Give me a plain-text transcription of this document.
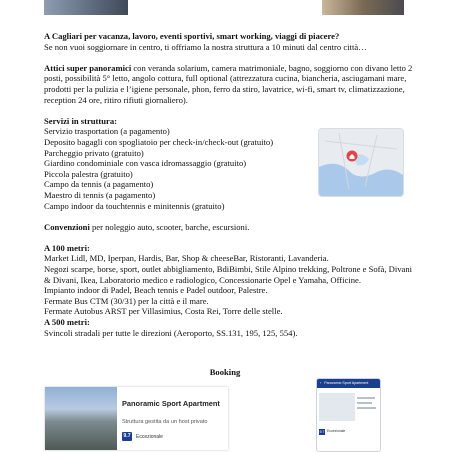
A Cagliari per vacanza, lavoro, eventi sportivi, smart working, viaggi di piacere?

Se non vuoi soggiornare in centro, ti offriamo la nostra struttura a 10 minuti dal centro città…

Attici super panoramici con veranda solarium, camera matrimoniale, bagno, soggiorno con divano letto 2 posti, possibilità 5° letto, angolo cottura, full optional (attrezzatura cucina, biancheria, asciugamani mare, prodotti per la pulizia e l’igiene personale, phon, ferro da stiro, lavatrice, wi-fi, smart tv, climatizzazione, reception 24 ore, ritiro rifiuti giornaliero).

Servizi in struttura:

Servizio trasportation (a pagamento)

Deposito bagagli con spogliatoio per check-in/check-out (gratuito)

Parcheggio privato (gratuito)

Giardino condominiale con vasca idromassaggio (gratuito)

Piccola palestra (gratuito)

Campo da tennis (a pagamento)

Maestro di tennis (a pagamento)

Campo indoor da touchtennis e minitennis (gratuito)

Convenzioni per noleggio auto, scooter, barche, escursioni.

A 100 metri:

Market Lidl, MD, Iperpan, Hardis, Bar, Shop & cheeseBar, Ristoranti, Lavanderia.

Negozi scarpe, borse, sport, outlet abbigliamento, BdiBimbi, Stile Alpino trekking, Poltrone e Sofà, Divani & Divani, Ikea, Laboratorio medico e radiologico, Concessionarie Opel e Yamaha, Officine.

Impianto indoor di Padel, Beach tennis e Padel outdoor, Palestre.

Fermate Bus CTM (30/31) per la città e il mare.

Fermate Autobus ARST per Villasimius, Costa Rei, Torre delle stelle.

A 500 metri:

Svincoli stradali per tutte le direzioni (Aeroporto, SS.131, 195, 125, 554).

Booking
Panoramic Sport Apartment
Struttura gestita da un host privato
9.7 Eccezionale
‹ Panoramic Sport Apartment
9.7 Eccezionale
